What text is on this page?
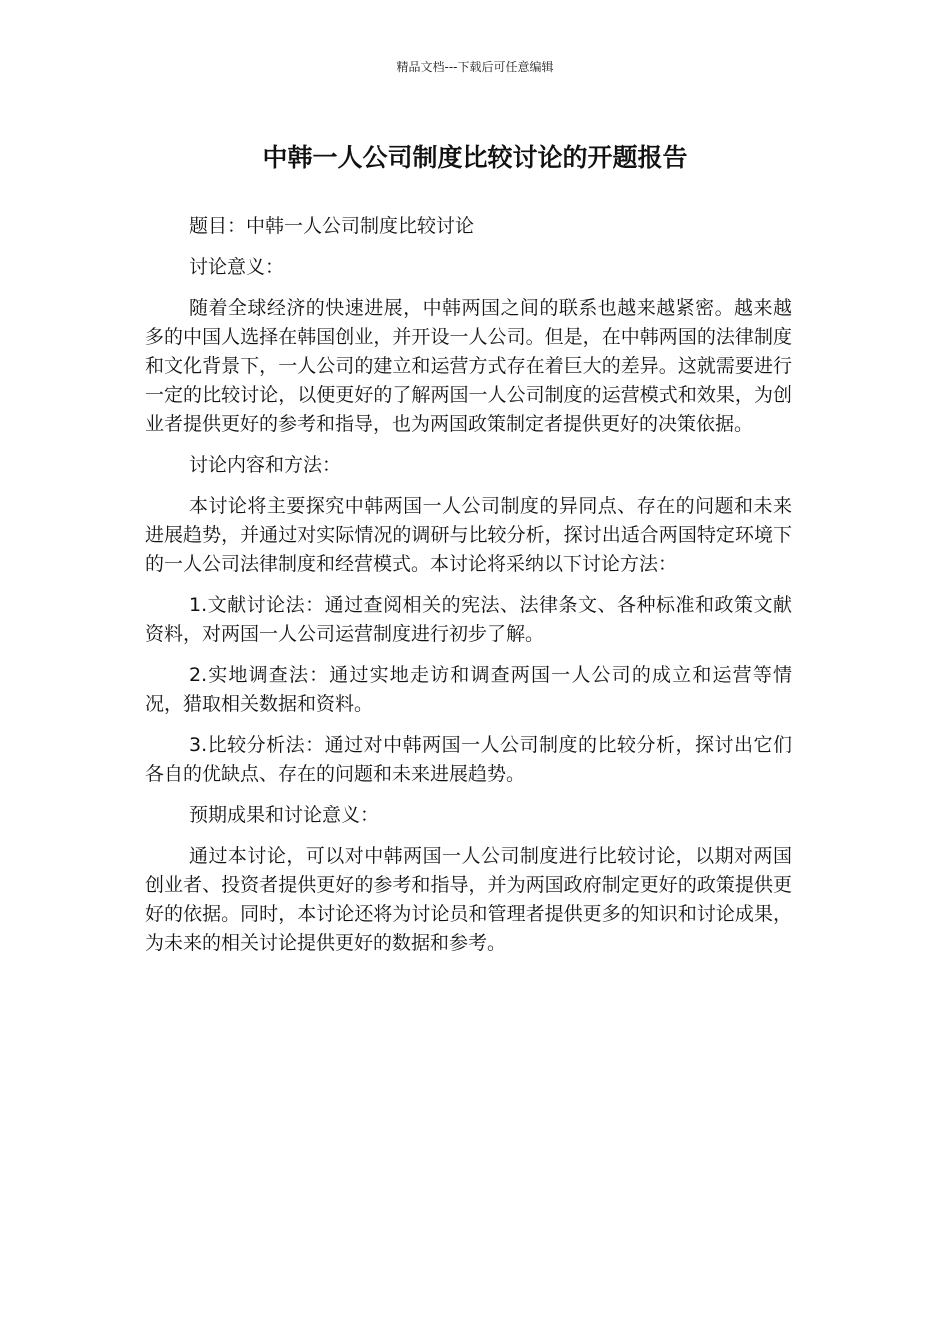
精品文档---下载后可任意编辑
中韩一人公司制度比较讨论的开题报告

题目：中韩一人公司制度比较讨论

讨论意义：

随着全球经济的快速进展，中韩两国之间的联系也越来越紧密。越来越多的中国人选择在韩国创业，并开设一人公司。但是，在中韩两国的法律制度和文化背景下，一人公司的建立和运营方式存在着巨大的差异。这就需要进行一定的比较讨论，以便更好的了解两国一人公司制度的运营模式和效果，为创业者提供更好的参考和指导，也为两国政策制定者提供更好的决策依据。

讨论内容和方法：

本讨论将主要探究中韩两国一人公司制度的异同点、存在的问题和未来进展趋势，并通过对实际情况的调研与比较分析，探讨出适合两国特定环境下的一人公司法律制度和经营模式。本讨论将采纳以下讨论方法：

1.文献讨论法：通过查阅相关的宪法、法律条文、各种标准和政策文献资料，对两国一人公司运营制度进行初步了解。

2.实地调查法：通过实地走访和调查两国一人公司的成立和运营等情况，猎取相关数据和资料。

3.比较分析法：通过对中韩两国一人公司制度的比较分析，探讨出它们各自的优缺点、存在的问题和未来进展趋势。

预期成果和讨论意义：

通过本讨论，可以对中韩两国一人公司制度进行比较讨论，以期对两国创业者、投资者提供更好的参考和指导，并为两国政府制定更好的政策提供更好的依据。同时，本讨论还将为讨论员和管理者提供更多的知识和讨论成果，为未来的相关讨论提供更好的数据和参考。
